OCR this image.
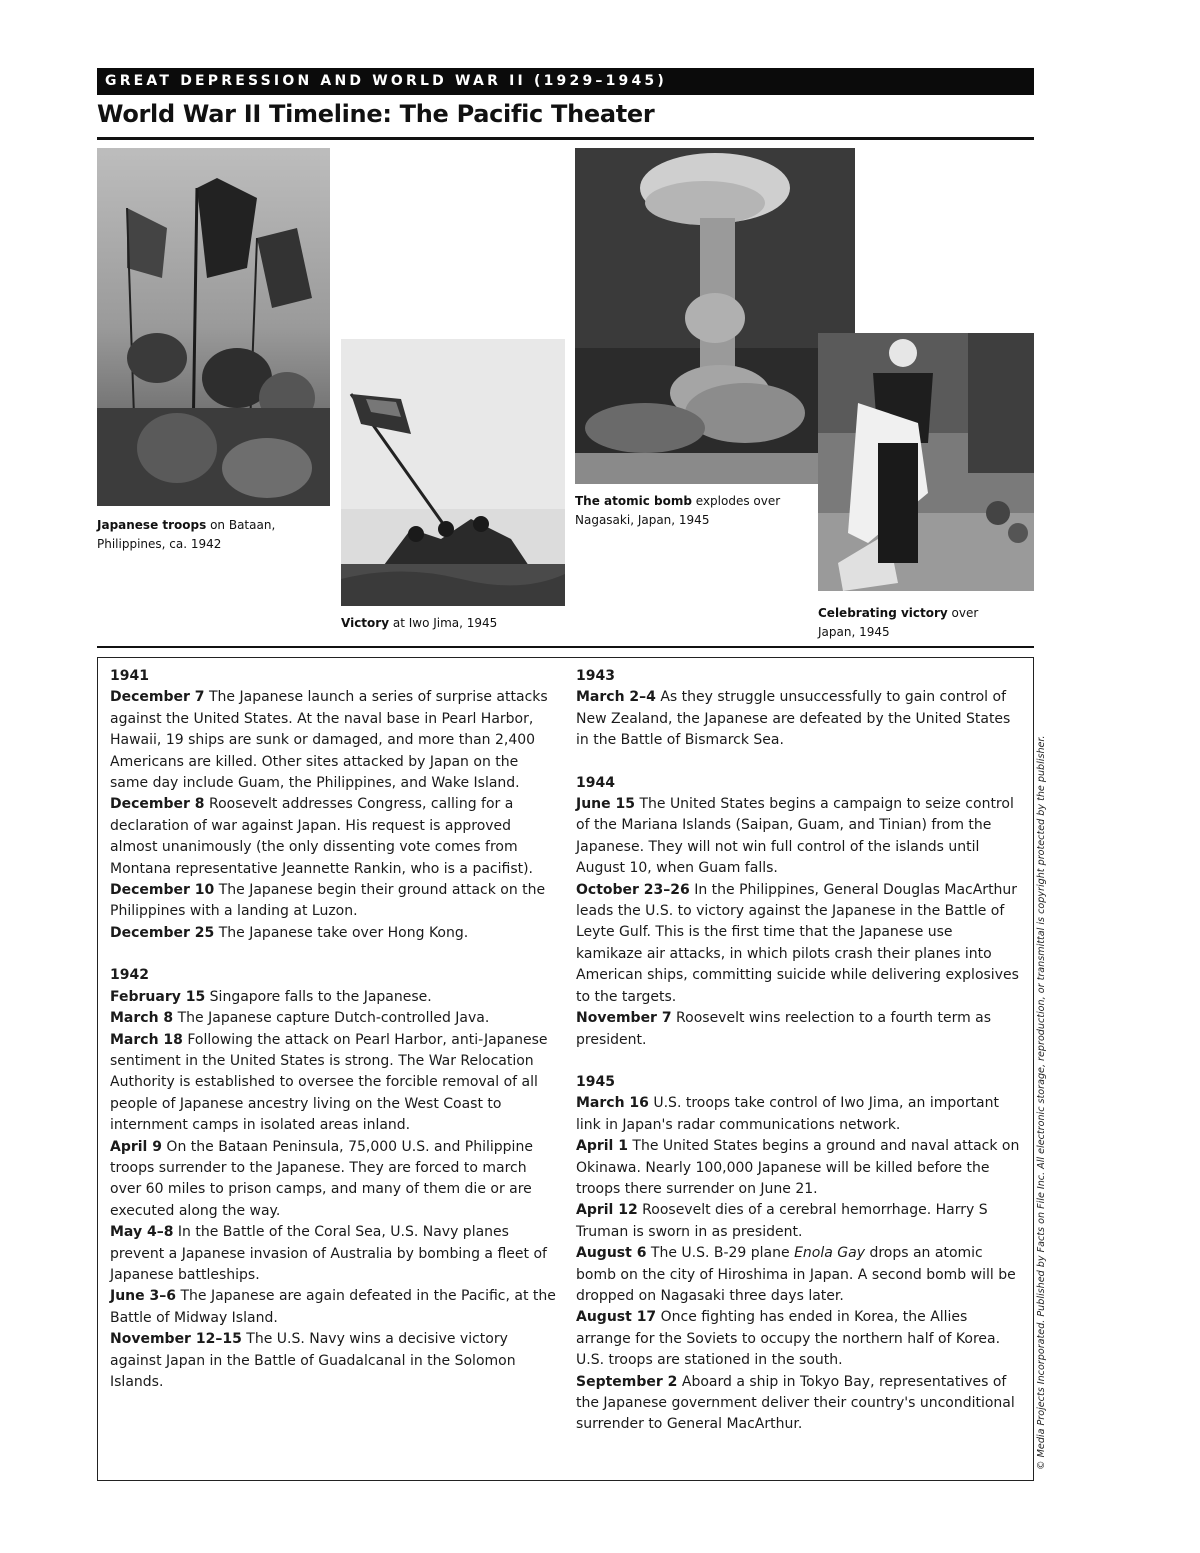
GREAT DEPRESSION AND WORLD WAR II (1929–1945)
World War II Timeline: The Pacific Theater
Japanese troops on Bataan, Philippines, ca. 1942
Victory at Iwo Jima, 1945
The atomic bomb explodes over Nagasaki, Japan, 1945
Celebrating victory over Japan, 1945

1941

December 7 The Japanese launch a series of surprise attacks against the United States. At the naval base in Pearl Harbor, Hawaii, 19 ships are sunk or damaged, and more than 2,400 Americans are killed. Other sites attacked by Japan on the same day include Guam, the Philippines, and Wake Island.

December 8 Roosevelt addresses Congress, calling for a declaration of war against Japan. His request is approved almost unanimously (the only dissenting vote comes from Montana representative Jeannette Rankin, who is a pacifist).

December 10 The Japanese begin their ground attack on the Philippines with a landing at Luzon.

December 25 The Japanese take over Hong Kong.

1942

February 15 Singapore falls to the Japanese.

March 8 The Japanese capture Dutch-controlled Java.

March 18 Following the attack on Pearl Harbor, anti-Japanese sentiment in the United States is strong. The War Relocation Authority is established to oversee the forcible removal of all people of Japanese ancestry living on the West Coast to internment camps in isolated areas inland.

April 9 On the Bataan Peninsula, 75,000 U.S. and Philippine troops surrender to the Japanese. They are forced to march over 60 miles to prison camps, and many of them die or are executed along the way.

May 4–8 In the Battle of the Coral Sea, U.S. Navy planes prevent a Japanese invasion of Australia by bombing a fleet of Japanese battleships.

June 3–6 The Japanese are again defeated in the Pacific, at the Battle of Midway Island.

November 12–15 The U.S. Navy wins a decisive victory against Japan in the Battle of Guadalcanal in the Solomon Islands.

1943

March 2–4 As they struggle unsuccessfully to gain control of New Zealand, the Japanese are defeated by the United States in the Battle of Bismarck Sea.

1944

June 15 The United States begins a campaign to seize control of the Mariana Islands (Saipan, Guam, and Tinian) from the Japanese. They will not win full control of the islands until August 10, when Guam falls.

October 23–26 In the Philippines, General Douglas MacArthur leads the U.S. to victory against the Japanese in the Battle of Leyte Gulf. This is the first time that the Japanese use kamikaze air attacks, in which pilots crash their planes into American ships, committing suicide while delivering explosives to the targets.

November 7 Roosevelt wins reelection to a fourth term as president.

1945

March 16 U.S. troops take control of Iwo Jima, an important link in Japan's radar communications network.

April 1 The United States begins a ground and naval attack on Okinawa. Nearly 100,000 Japanese will be killed before the troops there surrender on June 21.

April 12 Roosevelt dies of a cerebral hemorrhage. Harry S Truman is sworn in as president.

August 6 The U.S. B-29 plane Enola Gay drops an atomic bomb on the city of Hiroshima in Japan. A second bomb will be dropped on Nagasaki three days later.

August 17 Once fighting has ended in Korea, the Allies arrange for the Soviets to occupy the northern half of Korea. U.S. troops are stationed in the south.

September 2 Aboard a ship in Tokyo Bay, representatives of the Japanese government deliver their country's unconditional surrender to General MacArthur.	© Media Projects Incorporated. Published by Facts on File Inc. All electronic storage, reproduction, or transmittal is copyright protected by the publisher.
